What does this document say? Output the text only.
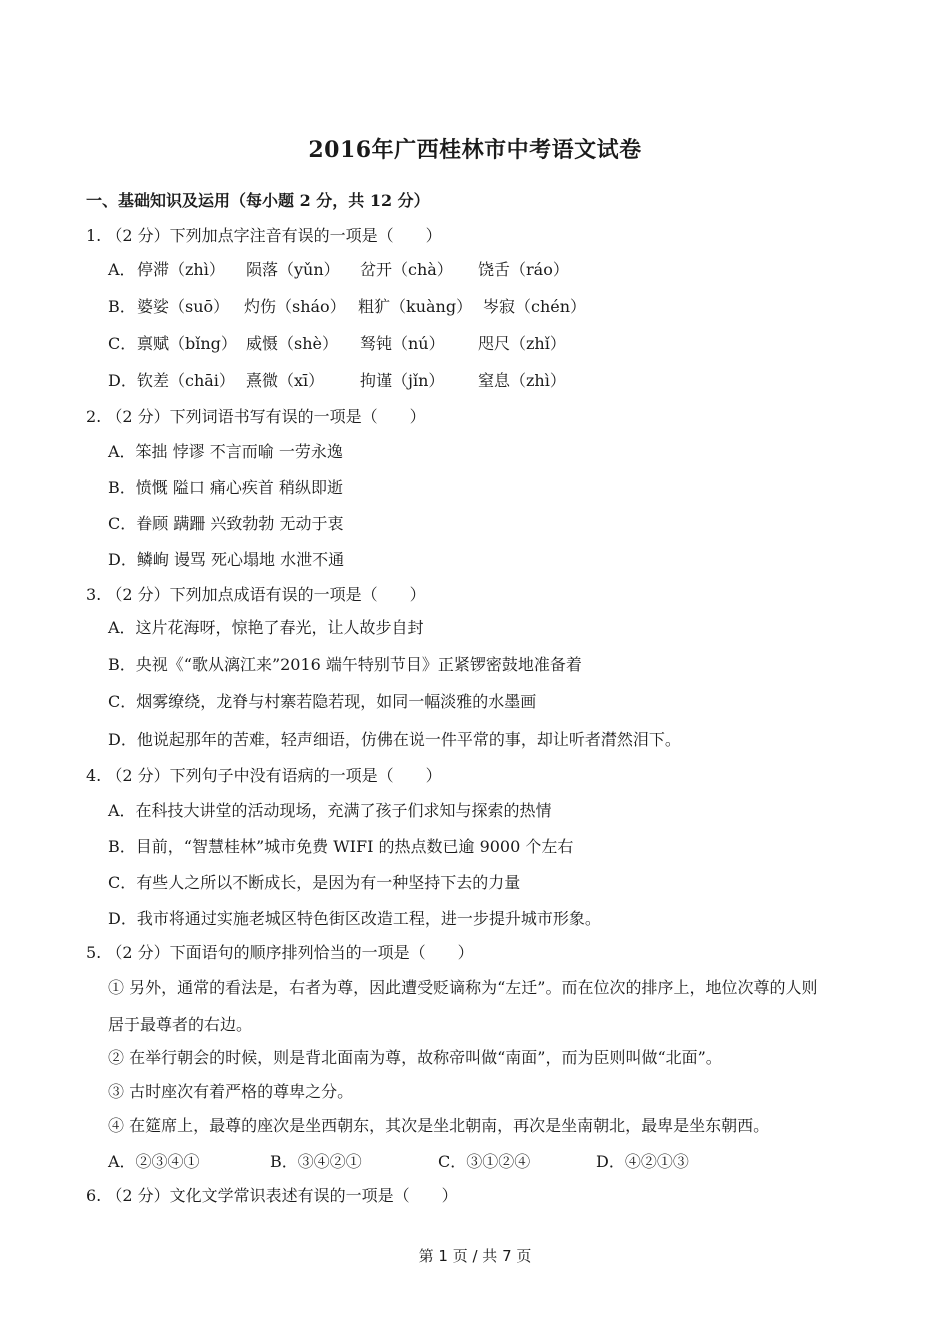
2016年广西桂林市中考语文试卷
一、基础知识及运用（每小题 2 分，共 12 分）
1. （2 分）下列加点字注音有误的一项是（　　）
A． 停滞（zhì） 陨落（yǔn） 岔开（chà） 饶舌（ráo）
B． 婆娑（suō） 灼伤（sháo） 粗犷（kuàng） 岑寂（chén）
C． 禀赋（bǐng） 威慑（shè） 驽钝（nú） 咫尺（zhǐ）
D． 钦差（chāi） 熹微（xī） 拘谨（jǐn） 窒息（zhì）
2. （2 分）下列词语书写有误的一项是（　　）
A．笨拙 悖谬 不言而喻 一劳永逸
B．愤慨 隘口 痛心疾首 稍纵即逝
C．眷顾 蹒跚 兴致勃勃 无动于衷
D．鳞峋 谩骂 死心塌地 水泄不通
3. （2 分）下列加点成语有误的一项是（　　）
A．这片花海呀，惊艳了春光，让人故步自封
B．央视《“歌从漓江来”2016 端午特别节目》正紧锣密鼓地准备着
C．烟雾缭绕，龙脊与村寨若隐若现，如同一幅淡雅的水墨画
D．他说起那年的苦难，轻声细语，仿佛在说一件平常的事，却让听者潸然泪下。
4. （2 分）下列句子中没有语病的一项是（　　）
A．在科技大讲堂的活动现场，充满了孩子们求知与探索的热情
B．目前，“智慧桂林”城市免费 WIFI 的热点数已逾 9000 个左右
C．有些人之所以不断成长，是因为有一种坚持下去的力量
D．我市将通过实施老城区特色街区改造工程，进一步提升城市形象。
5. （2 分）下面语句的顺序排列恰当的一项是（　　）
① 另外，通常的看法是，右者为尊，因此遭受贬谪称为“左迁”。而在位次的排序上，地位次尊的人则
居于最尊者的右边。
② 在举行朝会的时候，则是背北面南为尊，故称帝叫做“南面”，而为臣则叫做“北面”。
③ 古时座次有着严格的尊卑之分。
④ 在筵席上，最尊的座次是坐西朝东，其次是坐北朝南，再次是坐南朝北，最卑是坐东朝西。
A．②③④①	B．③④②①	C．③①②④	D．④②①③
6. （2 分）文化文学常识表述有误的一项是（　　）
第 1 页 / 共 7 页
